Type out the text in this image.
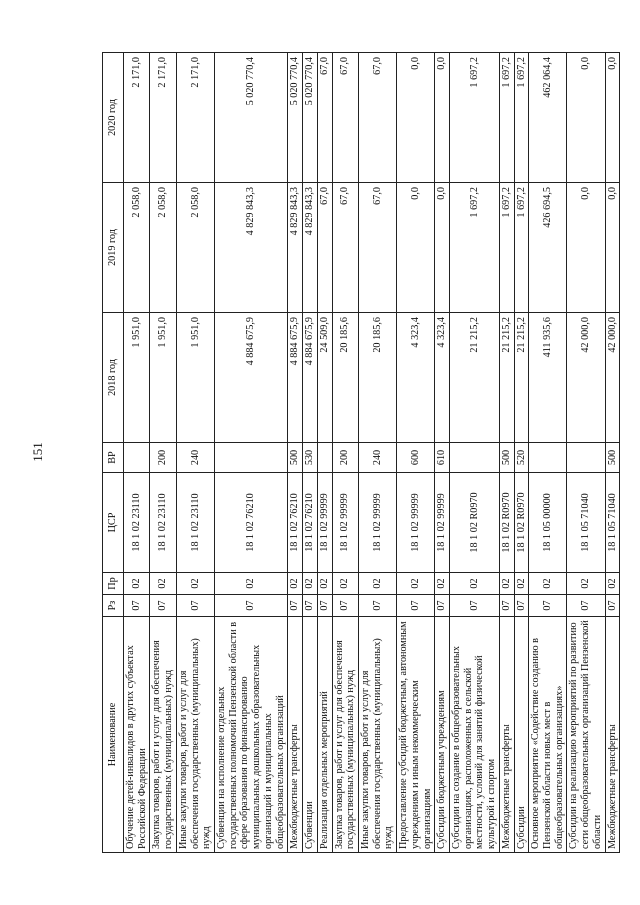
151
Наименование	Рз	Пр	ЦСР	ВР	2018 год	2019 год	2020 год
Обучение детей-инвалидов в других субъектах Российской Федерации	07	02	18 1 02 23110		1 951,0	2 058,0	2 171,0
Закупка товаров, работ и услуг для обеспечения государственных (муниципальных) нужд	07	02	18 1 02 23110	200	1 951,0	2 058,0	2 171,0
Иные закупки товаров, работ и услуг для обеспечения государственных (муниципальных) нужд	07	02	18 1 02 23110	240	1 951,0	2 058,0	2 171,0
Субвенции на исполнение отдельных государственных полномочий Пензенской области в сфере образования по финансированию муниципальных дошкольных образовательных организаций и муниципальных общеобразовательных организаций	07	02	18 1 02 76210		4 884 675,9	4 829 843,3	5 020 770,4
Межбюджетные трансферты	07	02	18 1 02 76210	500	4 884 675,9	4 829 843,3	5 020 770,4
Субвенции	07	02	18 1 02 76210	530	4 884 675,9	4 829 843,3	5 020 770,4
Реализация отдельных мероприятий	07	02	18 1 02 99999		24 509,0	67,0	67,0
Закупка товаров, работ и услуг для обеспечения государственных (муниципальных) нужд	07	02	18 1 02 99999	200	20 185,6	67,0	67,0
Иные закупки товаров, работ и услуг для обеспечения государственных (муниципальных) нужд	07	02	18 1 02 99999	240	20 185,6	67,0	67,0
Предоставление субсидий бюджетным, автономным учреждениям и иным некоммерческим организациям	07	02	18 1 02 99999	600	4 323,4	0,0	0,0
Субсидии бюджетным учреждениям	07	02	18 1 02 99999	610	4 323,4	0,0	0,0
Субсидии на создание в общеобразовательных организациях, расположенных в сельской местности, условий для занятий физической культурой и спортом	07	02	18 1 02 R0970		21 215,2	1 697,2	1 697,2
Межбюджетные трансферты	07	02	18 1 02 R0970	500	21 215,2	1 697,2	1 697,2
Субсидии	07	02	18 1 02 R0970	520	21 215,2	1 697,2	1 697,2
Основное мероприятие «Содействие созданию в Пензенской области новых мест в общеобразовательных организациях»	07	02	18 1 05 00000		411 935,6	426 694,5	462 064,4
Субсидии на реализацию мероприятий по развитию сети общеобразовательных организаций Пензенской области	07	02	18 1 05 71040		42 000,0	0,0	0,0
Межбюджетные трансферты	07	02	18 1 05 71040	500	42 000,0	0,0	0,0
